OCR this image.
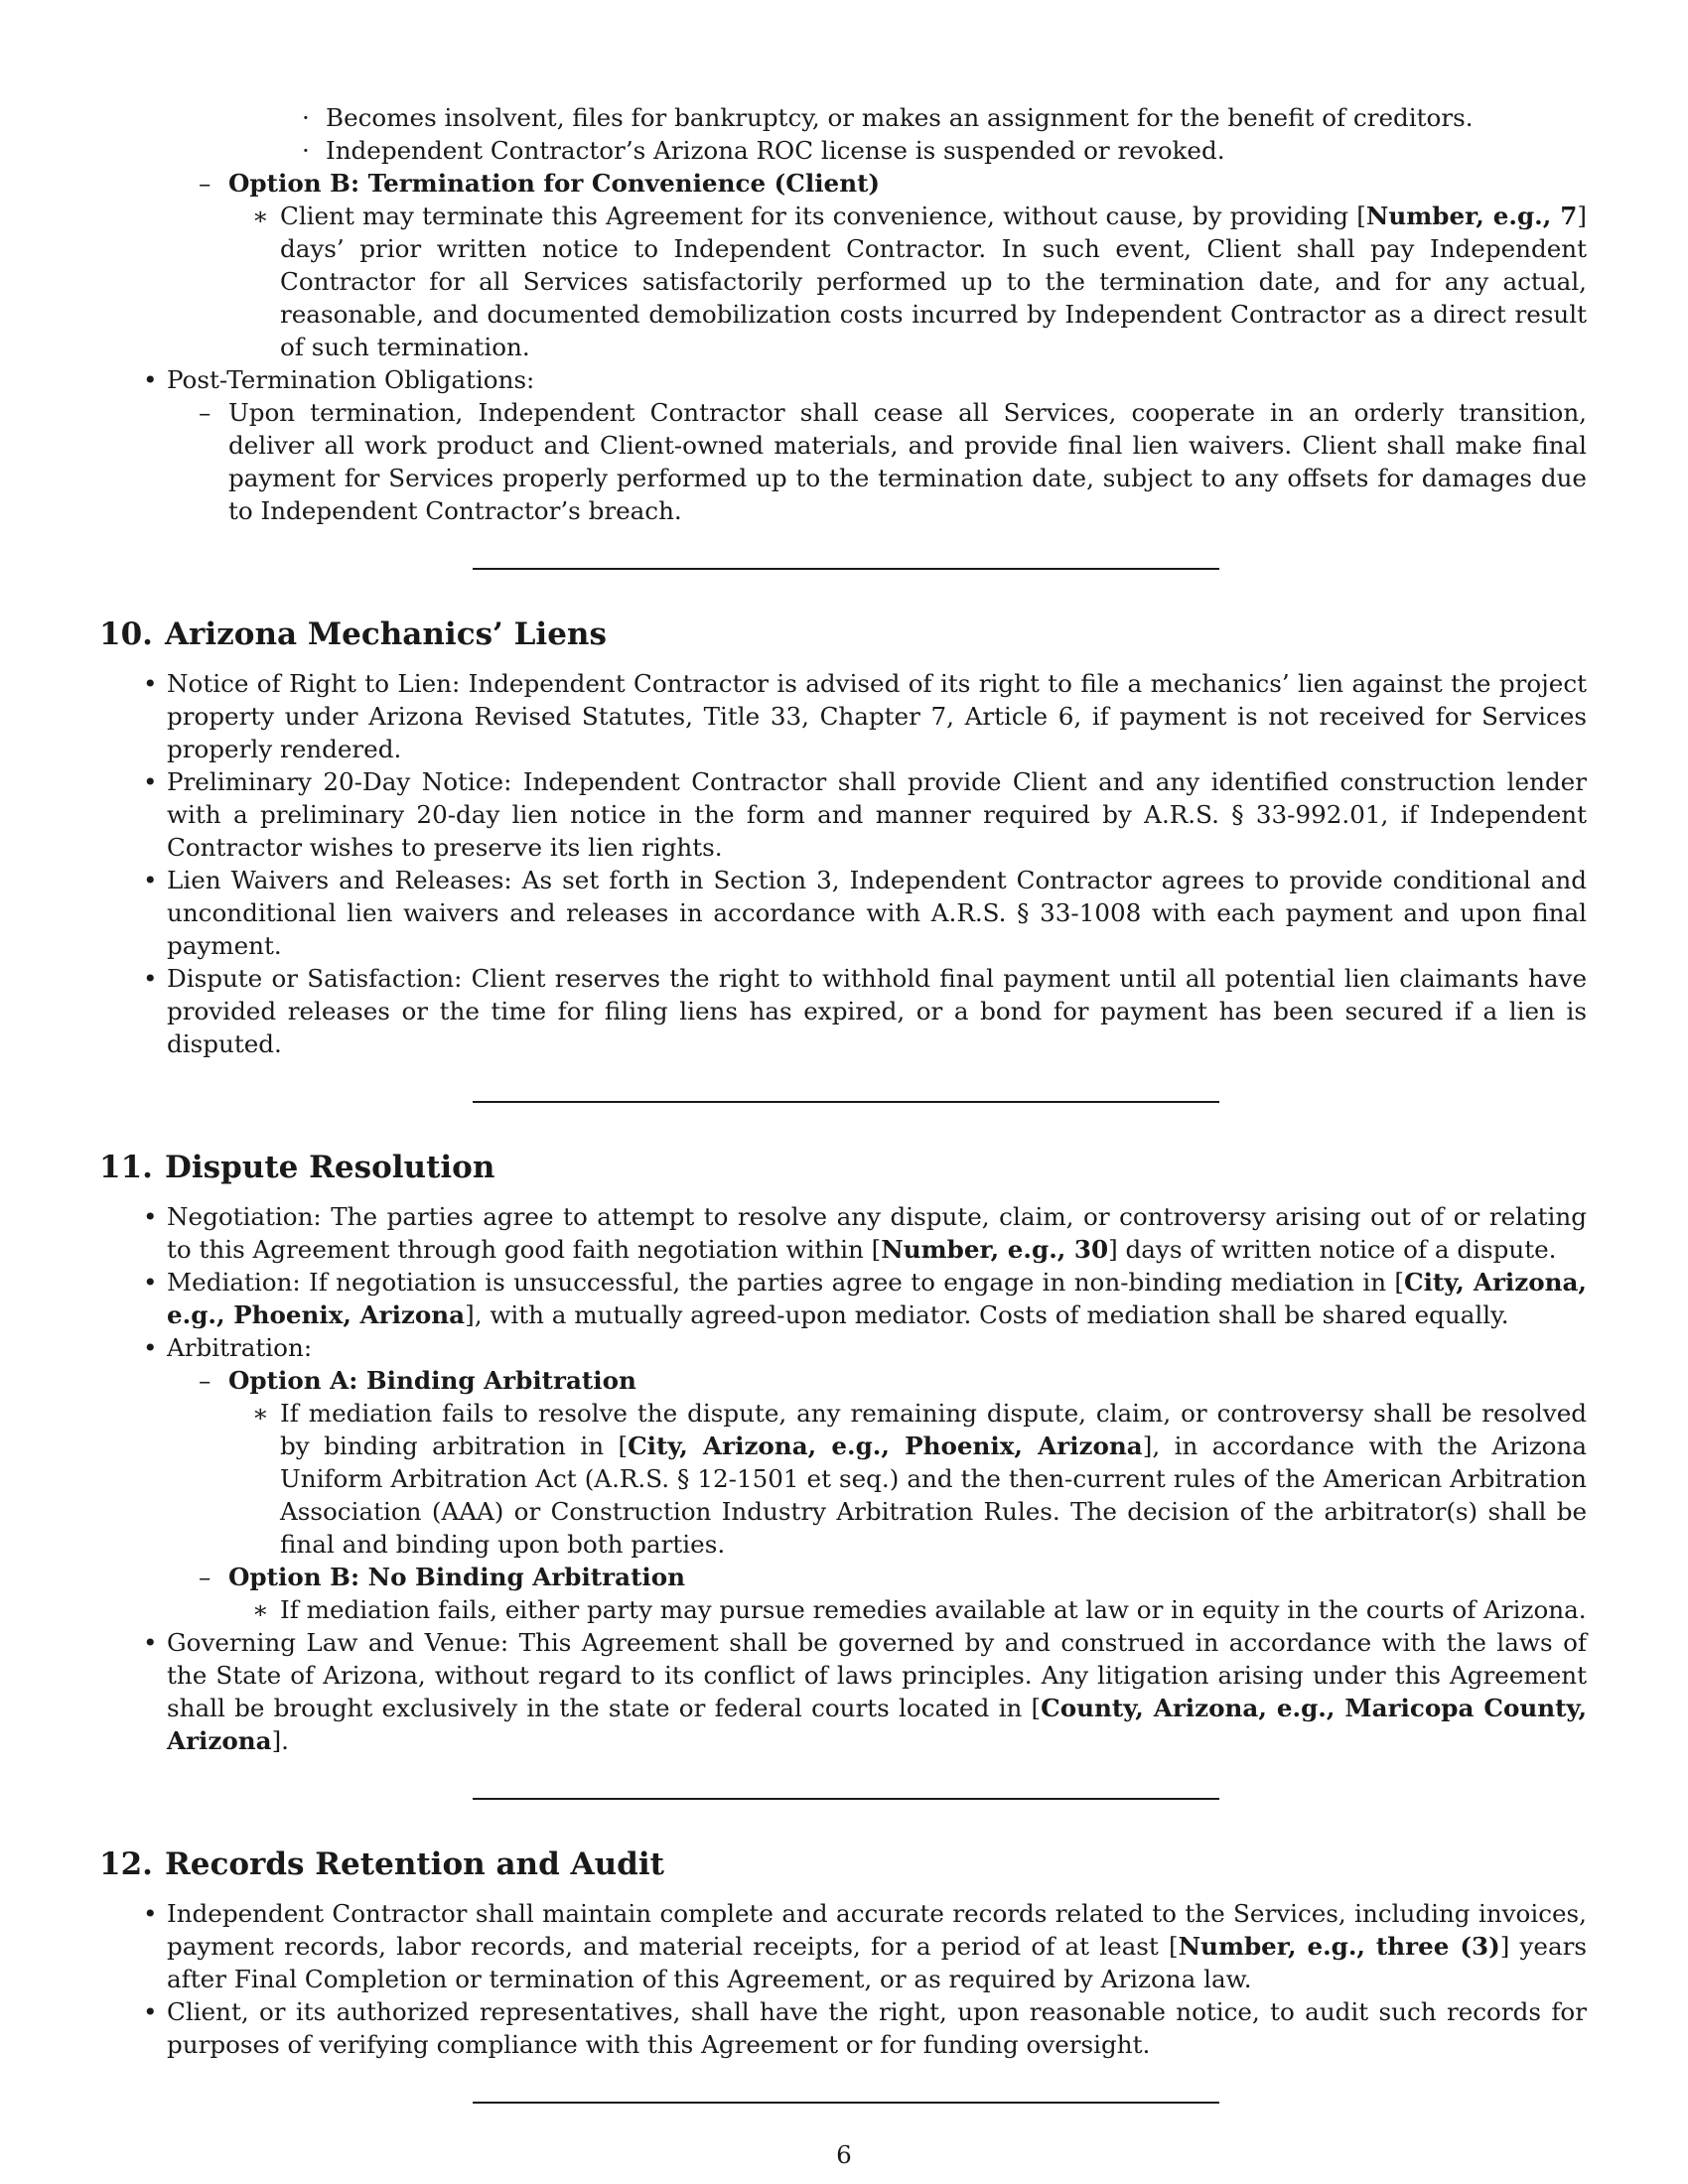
· Becomes insolvent, files for bankruptcy, or makes an assignment for the benefit of creditors.
· Independent Contractor’s Arizona ROC license is suspended or revoked.
– Option B: Termination for Convenience (Client)
∗ Client may terminate this Agreement for its convenience, without cause, by providing [Number, e.g., 7] days’ prior written notice to Independent Contractor. In such event, Client shall pay Independent Contractor for all Services satisfactorily performed up to the termination date, and for any actual, reasonable, and documented demobilization costs incurred by Independent Contractor as a direct result of such termination.
• Post-Termination Obligations:
– Upon termination, Independent Contractor shall cease all Services, cooperate in an orderly transition, deliver all work product and Client-owned materials, and provide final lien waivers. Client shall make final payment for Services properly performed up to the termination date, subject to any offsets for damages due to Independent Contractor’s breach.
10. Arizona Mechanics’ Liens
• Notice of Right to Lien: Independent Contractor is advised of its right to file a mechanics’ lien against the project property under Arizona Revised Statutes, Title 33, Chapter 7, Article 6, if payment is not received for Services properly rendered.
• Preliminary 20-Day Notice: Independent Contractor shall provide Client and any identified construction lender with a preliminary 20-day lien notice in the form and manner required by A.R.S. § 33-992.01, if Independent Contractor wishes to preserve its lien rights.
• Lien Waivers and Releases: As set forth in Section 3, Independent Contractor agrees to provide conditional and unconditional lien waivers and releases in accordance with A.R.S. § 33-1008 with each payment and upon final payment.
• Dispute or Satisfaction: Client reserves the right to withhold final payment until all potential lien claimants have provided releases or the time for filing liens has expired, or a bond for payment has been secured if a lien is disputed.
11. Dispute Resolution
• Negotiation: The parties agree to attempt to resolve any dispute, claim, or controversy arising out of or relating to this Agreement through good faith negotiation within [Number, e.g., 30] days of written notice of a dispute.
• Mediation: If negotiation is unsuccessful, the parties agree to engage in non-binding mediation in [City, Arizona, e.g., Phoenix, Arizona], with a mutually agreed-upon mediator. Costs of mediation shall be shared equally.
• Arbitration:
– Option A: Binding Arbitration
∗ If mediation fails to resolve the dispute, any remaining dispute, claim, or controversy shall be resolved by binding arbitration in [City, Arizona, e.g., Phoenix, Arizona], in accordance with the Arizona Uniform Arbitration Act (A.R.S. § 12-1501 et seq.) and the then-current rules of the American Arbitration Association (AAA) or Construction Industry Arbitration Rules. The decision of the arbitrator(s) shall be final and binding upon both parties.
– Option B: No Binding Arbitration
∗ If mediation fails, either party may pursue remedies available at law or in equity in the courts of Arizona.
• Governing Law and Venue: This Agreement shall be governed by and construed in accordance with the laws of the State of Arizona, without regard to its conflict of laws principles. Any litigation arising under this Agreement shall be brought exclusively in the state or federal courts located in [County, Arizona, e.g., Maricopa County, Arizona].
12. Records Retention and Audit
• Independent Contractor shall maintain complete and accurate records related to the Services, including invoices, payment records, labor records, and material receipts, for a period of at least [Number, e.g., three (3)] years after Final Completion or termination of this Agreement, or as required by Arizona law.
• Client, or its authorized representatives, shall have the right, upon reasonable notice, to audit such records for purposes of verifying compliance with this Agreement or for funding oversight.
6
